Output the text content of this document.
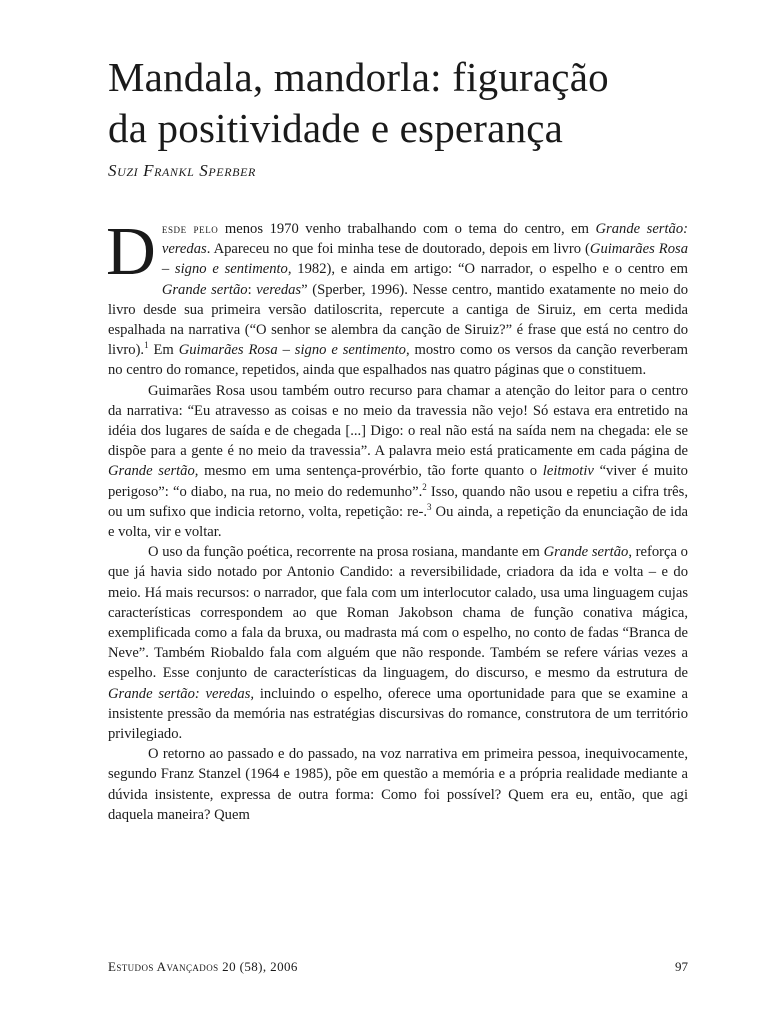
Mandala, mandorla: figuração
da positividade e esperança
Suzi Frankl Sperber

Desde pelo menos 1970 venho trabalhando com o tema do centro, em Grande sertão: veredas. Apareceu no que foi minha tese de doutorado, depois em livro (Guimarães Rosa – signo e sentimento, 1982), e ainda em artigo: “O narrador, o espelho e o centro em Grande sertão: veredas” (Sperber, 1996). Nesse centro, mantido exatamente no meio do livro desde sua primeira versão datiloscrita, repercute a cantiga de Siruiz, em certa medida espalhada na narrativa (“O senhor se alembra da canção de Siruiz?” é frase que está no centro do livro).$^1$ Em Guimarães Rosa – signo e sentimento, mostro como os versos da canção reverberam no centro do romance, repetidos, ainda que espalhados nas quatro páginas que o constituem.

Guimarães Rosa usou também outro recurso para chamar a atenção do leitor para o centro da narrativa: “Eu atravesso as coisas e no meio da travessia não vejo! Só estava era entretido na idéia dos lugares de saída e de chegada [...] Digo: o real não está na saída nem na chegada: ele se dispõe para a gente é no meio da travessia”. A palavra meio está praticamente em cada página de Grande sertão, mesmo em uma sentença-provérbio, tão forte quanto o leitmotiv “viver é muito perigoso”: “o diabo, na rua, no meio do redemunho”.$^2$ Isso, quando não usou e repetiu a cifra três, ou um sufixo que indicia retorno, volta, repetição: re-.$^3$ Ou ainda, a repetição da enunciação de ida e volta, vir e voltar.

O uso da função poética, recorrente na prosa rosiana, mandante em Grande sertão, reforça o que já havia sido notado por Antonio Candido: a reversibilidade, criadora da ida e volta – e do meio. Há mais recursos: o narrador, que fala com um interlocutor calado, usa uma linguagem cujas características correspondem ao que Roman Jakobson chama de função conativa mágica, exemplificada como a fala da bruxa, ou madrasta má com o espelho, no conto de fadas “Branca de Neve”. Também Riobaldo fala com alguém que não responde. Também se refere várias vezes a espelho. Esse conjunto de características da linguagem, do discurso, e mesmo da estrutura de Grande sertão: veredas, incluindo o espelho, oferece uma oportunidade para que se examine a insistente pressão da memória nas estratégias discursivas do romance, construtora de um território privilegiado.

O retorno ao passado e do passado, na voz narrativa em primeira pessoa, inequivocamente, segundo Franz Stanzel (1964 e 1985), põe em questão a memória e a própria realidade mediante a dúvida insistente, expressa de outra forma: Como foi possível? Quem era eu, então, que agi daquela maneira? Quem

Estudos Avançados 20 (58), 2006	97
